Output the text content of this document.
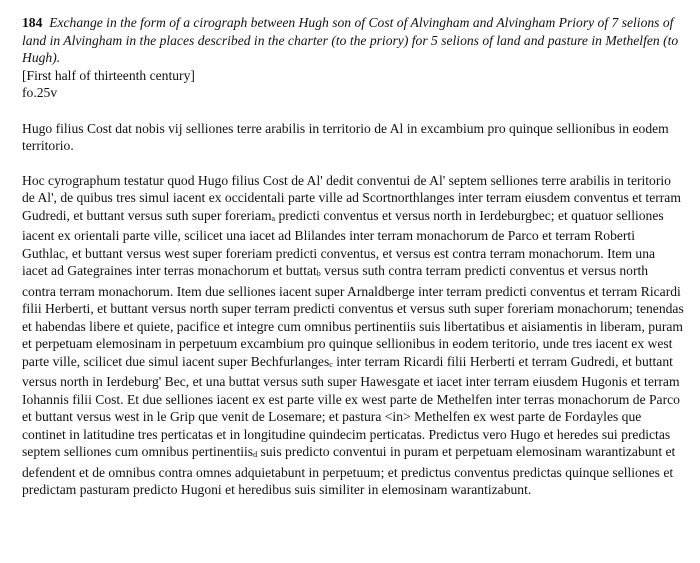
184 Exchange in the form of a cirograph between Hugh son of Cost of Alvingham and Alvingham Priory of 7 selions of land in Alvingham in the places described in the charter (to the priory) for 5 selions of land and pasture in Methelfen (to Hugh).

[First half of thirteenth century]

fo.25v

Hugo filius Cost dat nobis vij selliones terre arabilis in territorio de Al in excambium pro quinque sellionibus in eodem territorio.

Hoc cyrographum testatur quod Hugo filius Cost de Al' dedit conventui de Al' septem selliones terre arabilis in teritorio de Al', de quibus tres simul iacent ex occidentali parte ville ad Scortnorthlanges inter terram eiusdem conventus et terram Gudredi, et buttant versus suth super foreriam$_a$ predicti conventus et versus north in Ierdeburgbec; et quatuor selliones iacent ex orientali parte ville, scilicet una iacet ad Blilandes inter terram monachorum de Parco et terram Roberti Guthlac, et buttant versus west super foreriam predicti conventus, et versus est contra terram monachorum. Item una iacet ad Gategraines inter terras monachorum et buttat$_b$ versus suth contra terram predicti conventus et versus north contra terram monachorum. Item due selliones iacent super Arnaldberge inter terram predicti conventus et terram Ricardi filii Herberti, et buttant versus north super terram predicti conventus et versus suth super foreriam monachorum; tenendas et habendas libere et quiete, pacifice et integre cum omnibus pertinentiis suis libertatibus et aisiamentis in liberam, puram et perpetuam elemosinam in perpetuum excambium pro quinque sellionibus in eodem teritorio, unde tres iacent ex west parte ville, scilicet due simul iacent super Bechfurlanges$_c$ inter terram Ricardi filii Herberti et terram Gudredi, et buttant versus north in Ierdeburg' Bec, et una buttat versus suth super Hawesgate et iacet inter terram eiusdem Hugonis et terram Iohannis filii Cost. Et due selliones iacent ex est parte ville ex west parte de Methelfen inter terras monachorum de Parco et buttant versus west in le Grip que venit de Losemare; et pastura <in> Methelfen ex west parte de Fordayles que continet in latitudine tres perticatas et in longitudine quindecim perticatas. Predictus vero Hugo et heredes sui predictas septem selliones cum omnibus pertinentiis$_d$ suis predicto conventui in puram et perpetuam elemosinam warantizabunt et defendent et de omnibus contra omnes adquietabunt in perpetuum; et predictus conventus predictas quinque selliones et predictam pasturam predicto Hugoni et heredibus suis similiter in elemosinam warantizabunt.
